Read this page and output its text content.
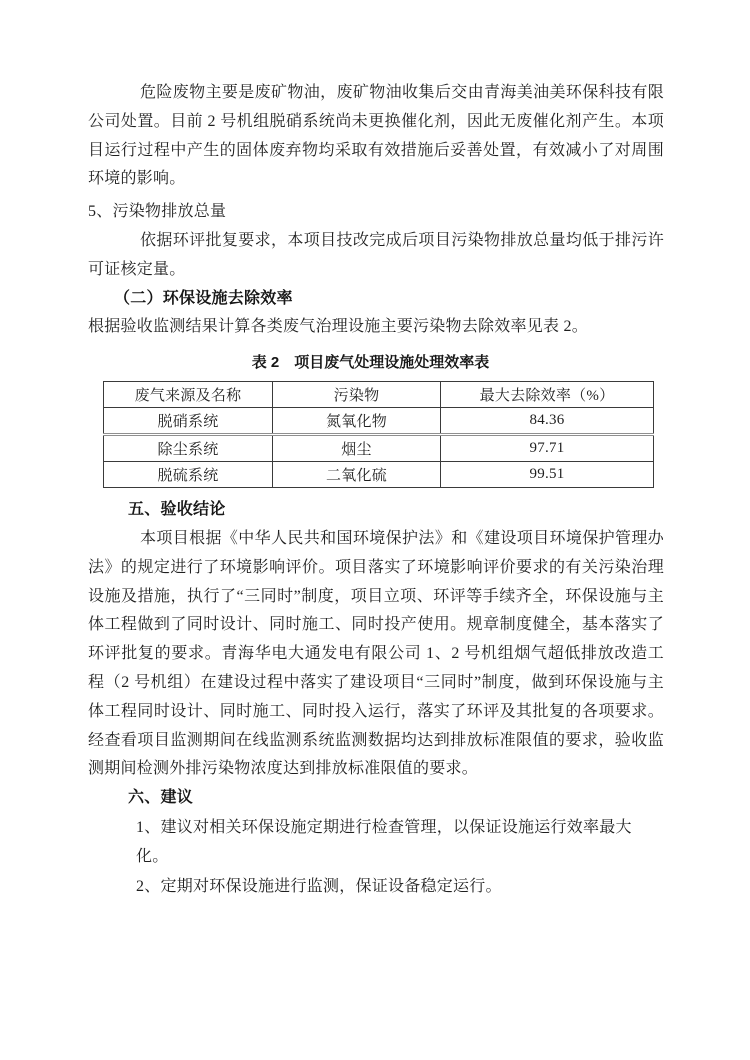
危险废物主要是废矿物油，废矿物油收集后交由青海美油美环保科技有限公司处置。目前 2 号机组脱硝系统尚未更换催化剂，因此无废催化剂产生。本项目运行过程中产生的固体废弃物均采取有效措施后妥善处置，有效减小了对周围环境的影响。

5、污染物排放总量

依据环评批复要求，本项目技改完成后项目污染物排放总量均低于排污许可证核定量。

（二）环保设施去除效率

根据验收监测结果计算各类废气治理设施主要污染物去除效率见表 2。

表 2　项目废气处理设施处理效率表

废气来源及名称	污染物	最大去除效率（%）
脱硝系统	氮氧化物	84.36
除尘系统	烟尘	97.71
脱硫系统	二氧化硫	99.51

五、验收结论

本项目根据《中华人民共和国环境保护法》和《建设项目环境保护管理办法》的规定进行了环境影响评价。项目落实了环境影响评价要求的有关污染治理设施及措施，执行了“三同时”制度，项目立项、环评等手续齐全，环保设施与主体工程做到了同时设计、同时施工、同时投产使用。规章制度健全，基本落实了环评批复的要求。青海华电大通发电有限公司 1、2 号机组烟气超低排放改造工程（2 号机组）在建设过程中落实了建设项目“三同时”制度，做到环保设施与主体工程同时设计、同时施工、同时投入运行，落实了环评及其批复的各项要求。经查看项目监测期间在线监测系统监测数据均达到排放标准限值的要求，验收监测期间检测外排污染物浓度达到排放标准限值的要求。

六、建议

1、建议对相关环保设施定期进行检查管理，以保证设施运行效率最大化。

2、定期对环保设施进行监测，保证设备稳定运行。
